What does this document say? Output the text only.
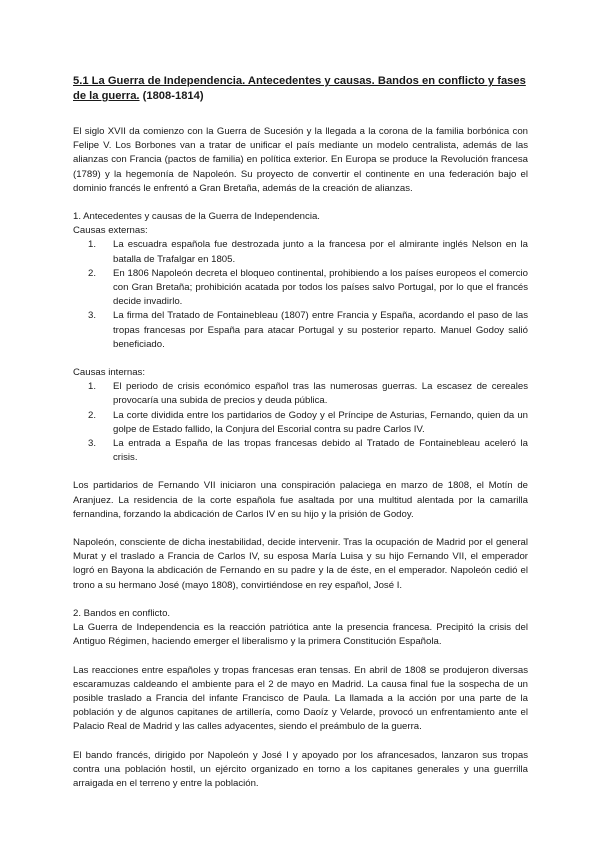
5.1 La Guerra de Independencia. Antecedentes y causas. Bandos en conflicto y fases de la guerra. (1808-1814)

El siglo XVII da comienzo con la Guerra de Sucesión y la llegada a la corona de la familia borbónica con Felipe V. Los Borbones van a tratar de unificar el país mediante un modelo centralista, además de las alianzas con Francia (pactos de familia) en política exterior. En Europa se produce la Revolución francesa (1789) y la hegemonía de Napoleón. Su proyecto de convertir el continente en una federación bajo el dominio francés le enfrentó a Gran Bretaña, además de la creación de alianzas.

1. Antecedentes y causas de la Guerra de Independencia.
Causas externas:
1. La escuadra española fue destrozada junto a la francesa por el almirante inglés Nelson en la batalla de Trafalgar en 1805.
2. En 1806 Napoleón decreta el bloqueo continental, prohibiendo a los países europeos el comercio con Gran Bretaña; prohibición acatada por todos los países salvo Portugal, por lo que el francés decide invadirlo.
3. La firma del Tratado de Fontainebleau (1807) entre Francia y España, acordando el paso de las tropas francesas por España para atacar Portugal y su posterior reparto. Manuel Godoy salió beneficiado.
Causas internas:
1. El periodo de crisis económico español tras las numerosas guerras. La escasez de cereales provocaría una subida de precios y deuda pública.
2. La corte dividida entre los partidarios de Godoy y el Príncipe de Asturias, Fernando, quien da un golpe de Estado fallido, la Conjura del Escorial contra su padre Carlos IV.
3. La entrada a España de las tropas francesas debido al Tratado de Fontainebleau aceleró la crisis.

Los partidarios de Fernando VII iniciaron una conspiración palaciega en marzo de 1808, el Motín de Aranjuez. La residencia de la corte española fue asaltada por una multitud alentada por la camarilla fernandina, forzando la abdicación de Carlos IV en su hijo y la prisión de Godoy.

Napoleón, consciente de dicha inestabilidad, decide intervenir. Tras la ocupación de Madrid por el general Murat y el traslado a Francia de Carlos IV, su esposa María Luisa y su hijo Fernando VII, el emperador logró en Bayona la abdicación de Fernando en su padre y la de éste, en el emperador. Napoleón cedió el trono a su hermano José (mayo 1808), convirtiéndose en rey español, José I.

2. Bandos en conflicto.

La Guerra de Independencia es la reacción patriótica ante la presencia francesa. Precipitó la crisis del Antiguo Régimen, haciendo emerger el liberalismo y la primera Constitución Española.

Las reacciones entre españoles y tropas francesas eran tensas. En abril de 1808 se produjeron diversas escaramuzas caldeando el ambiente para el 2 de mayo en Madrid. La causa final fue la sospecha de un posible traslado a Francia del infante Francisco de Paula. La llamada a la acción por una parte de la población y de algunos capitanes de artillería, como Daoíz y Velarde, provocó un enfrentamiento ante el Palacio Real de Madrid y las calles adyacentes, siendo el preámbulo de la guerra.

El bando francés, dirigido por Napoleón y José I y apoyado por los afrancesados, lanzaron sus tropas contra una población hostil, un ejército organizado en torno a los capitanes generales y una guerrilla arraigada en el terreno y entre la población.
